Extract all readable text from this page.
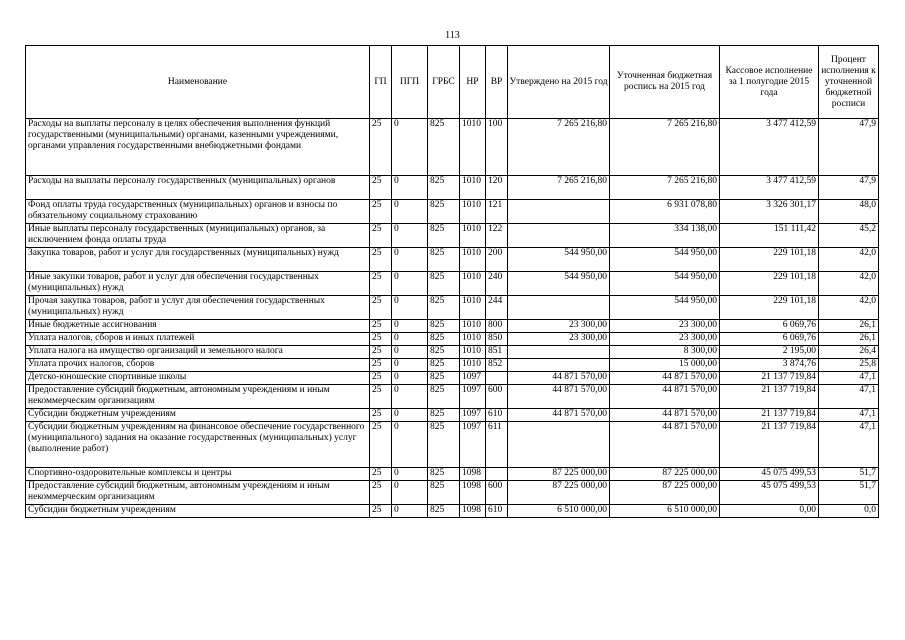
113
Наименование	ГП	ПГП	ГРБС	НР	ВР	Утверждено на 2015 год	Уточненная бюджетная роспись на 2015 год	Кассовое исполнение за 1 полугодие 2015 года	Процент исполнения к уточненной бюджетной росписи
Расходы на выплаты персоналу в целях обеспечения выполнения функций государственными (муниципальными) органами, казенными учреждениями, органами управления государственными внебюджетными фондами	25	0	825	1010	100	7 265 216,80	7 265 216,80	3 477 412,59	47,9
Расходы на выплаты персоналу государственных (муниципальных) органов	25	0	825	1010	120	7 265 216,80	7 265 216,80	3 477 412,59	47,9
Фонд оплаты труда государственных (муниципальных) органов и взносы по обязательному социальному страхованию	25	0	825	1010	121		6 931 078,80	3 326 301,17	48,0
Иные выплаты персоналу государственных (муниципальных) органов, за исключением фонда оплаты труда	25	0	825	1010	122		334 138,00	151 111,42	45,2
Закупка товаров, работ и услуг для государственных (муниципальных) нужд	25	0	825	1010	200	544 950,00	544 950,00	229 101,18	42,0
Иные закупки товаров, работ и услуг для обеспечения государственных (муниципальных) нужд	25	0	825	1010	240	544 950,00	544 950,00	229 101,18	42,0
Прочая закупка товаров, работ и услуг для обеспечения государственных (муниципальных) нужд	25	0	825	1010	244		544 950,00	229 101,18	42,0
Иные бюджетные ассигнования	25	0	825	1010	800	23 300,00	23 300,00	6 069,76	26,1
Уплата налогов, сборов и иных платежей	25	0	825	1010	850	23 300,00	23 300,00	6 069,76	26,1
Уплата налога на имущество организаций и земельного налога	25	0	825	1010	851		8 300,00	2 195,00	26,4
Уплата прочих налогов, сборов	25	0	825	1010	852		15 000,00	3 874,76	25,8
Детско-юношеские спортивные школы	25	0	825	1097		44 871 570,00	44 871 570,00	21 137 719,84	47,1
Предоставление субсидий бюджетным, автономным учреждениям и иным некоммерческим организациям	25	0	825	1097	600	44 871 570,00	44 871 570,00	21 137 719,84	47,1
Субсидии бюджетным учреждениям	25	0	825	1097	610	44 871 570,00	44 871 570,00	21 137 719,84	47,1
Субсидии бюджетным учреждениям на финансовое обеспечение государственного (муниципального) задания на оказание государственных (муниципальных) услуг (выполнение работ)	25	0	825	1097	611		44 871 570,00	21 137 719,84	47,1
Спортивно-оздоровительные комплексы и центры	25	0	825	1098		87 225 000,00	87 225 000,00	45 075 499,53	51,7
Предоставление субсидий бюджетным, автономным учреждениям и иным некоммерческим организациям	25	0	825	1098	600	87 225 000,00	87 225 000,00	45 075 499,53	51,7
Субсидии бюджетным учреждениям	25	0	825	1098	610	6 510 000,00	6 510 000,00	0,00	0,0
